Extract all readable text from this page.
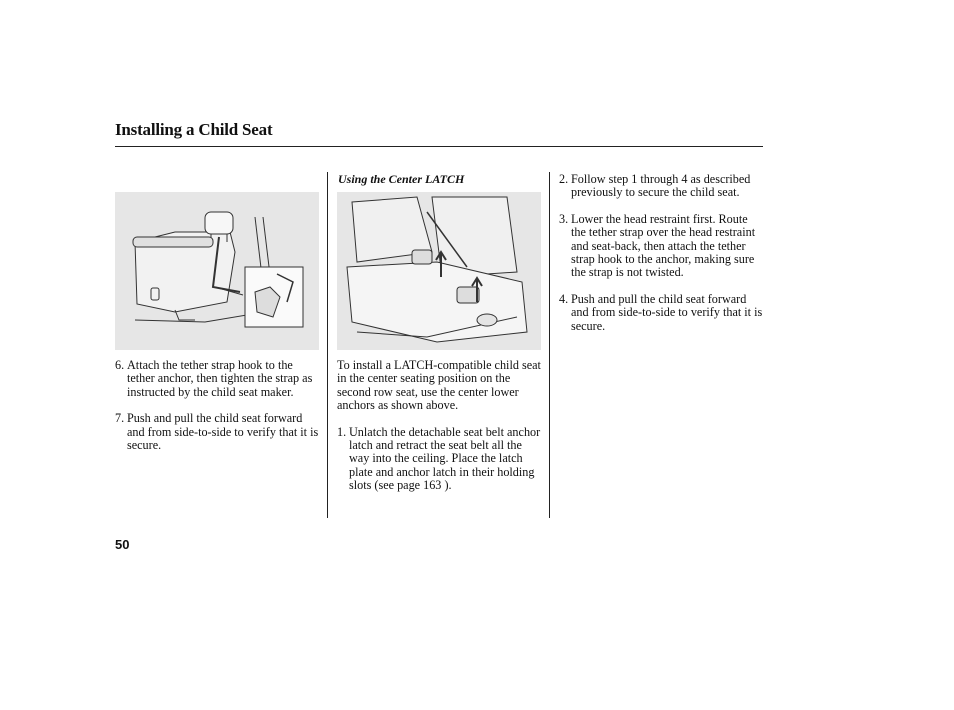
Installing a Child Seat
6. Attach the tether strap hook to the tether anchor, then tighten the strap as instructed by the child seat maker.
7. Push and pull the child seat forward and from side-to-side to verify that it is secure.
Using the Center LATCH
To install a LATCH-compatible child seat in the center seating position on the second row seat, use the center lower anchors as shown above.
1. Unlatch the detachable seat belt anchor latch and retract the seat belt all the way into the ceiling. Place the latch plate and anchor latch in their holding slots (see page 163 ).
2. Follow step 1 through 4 as described previously to secure the child seat.
3. Lower the head restraint first. Route the tether strap over the head restraint and seat-back, then attach the tether strap hook to the anchor, making sure the strap is not twisted.
4. Push and pull the child seat forward and from side-to-side to verify that it is secure.
50
